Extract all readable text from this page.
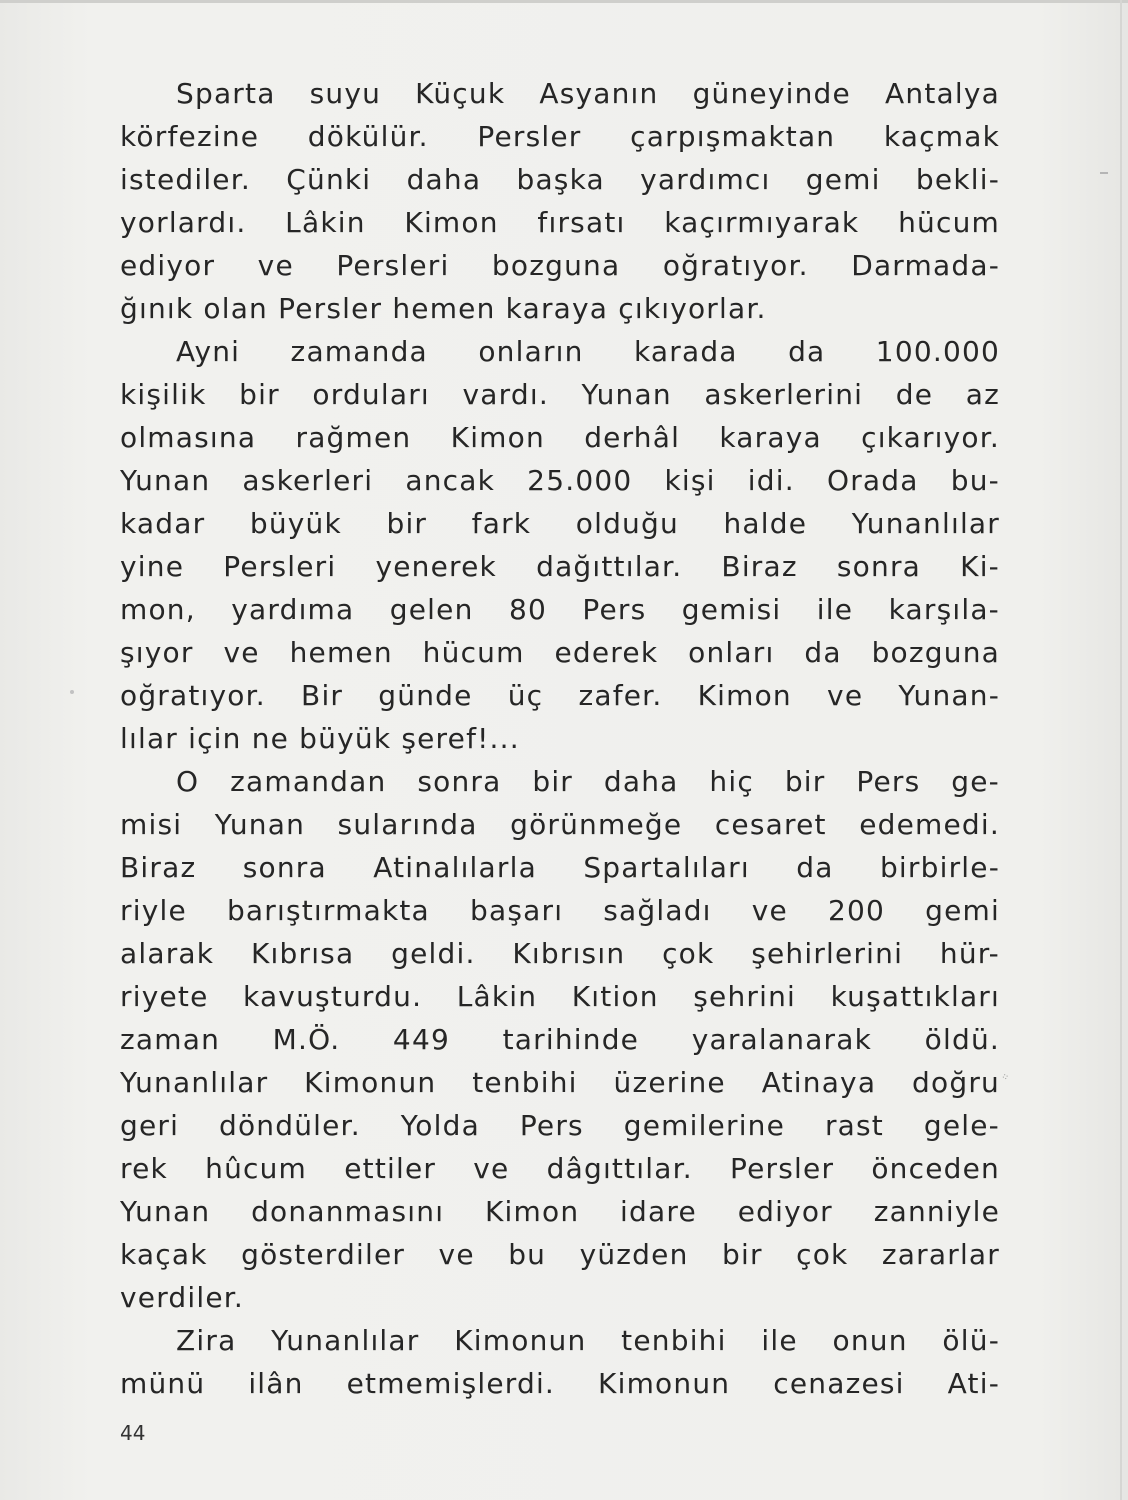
Sparta suyu Küçuk Asyanın güneyinde Antalya
körfezine dökülür. Persler çarpışmaktan kaçmak
istediler. Çünki daha başka yardımcı gemi bekli-
yorlardı. Lâkin Kimon fırsatı kaçırmıyarak hücum
ediyor ve Persleri bozguna oğratıyor. Darmada-
ğınık olan Persler hemen karaya çıkıyorlar.
Ayni zamanda onların karada da 100.000
kişilik bir orduları vardı. Yunan askerlerini de az
olmasına rağmen Kimon derhâl karaya çıkarıyor.
Yunan askerleri ancak 25.000 kişi idi. Orada bu-
kadar büyük bir fark olduğu halde Yunanlılar
yine Persleri yenerek dağıttılar. Biraz sonra Ki-
mon, yardıma gelen 80 Pers gemisi ile karşıla-
şıyor ve hemen hücum ederek onları da bozguna
oğratıyor. Bir günde üç zafer. Kimon ve Yunan-
lılar için ne büyük şeref!...
O zamandan sonra bir daha hiç bir Pers ge-
misi Yunan sularında görünmeğe cesaret edemedi.
Biraz sonra Atinalılarla Spartalıları da birbirle-
riyle barıştırmakta başarı sağladı ve 200 gemi
alarak Kıbrısa geldi. Kıbrısın çok şehirlerini hür-
riyete kavuşturdu. Lâkin Kıtion şehrini kuşattıkları
zaman M.Ö. 449 tarihinde yaralanarak öldü.
Yunanlılar Kimonun tenbihi üzerine Atinaya doğru
geri döndüler. Yolda Pers gemilerine rast gele-
rek hûcum ettiler ve dâgıttılar. Persler önceden
Yunan donanmasını Kimon idare ediyor zanniyle
kaçak gösterdiler ve bu yüzden bir çok zararlar
verdiler.
Zira Yunanlılar Kimonun tenbihi ile onun ölü-
münü ilân etmemişlerdi. Kimonun cenazesi Ati-
⁘
44
